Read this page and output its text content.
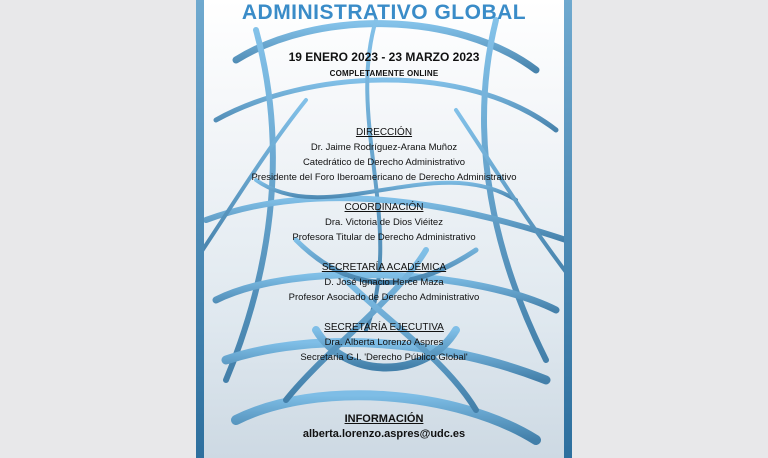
ADMINISTRATIVO GLOBAL
19 ENERO 2023 - 23 MARZO 2023
COMPLETAMENTE ONLINE
DIRECCIÓN
Dr. Jaime Rodríguez-Arana Muñoz
Catedrático de Derecho Administrativo
Presidente del Foro Iberoamericano de Derecho Administrativo
COORDINACIÓN
Dra. Victoria de Dios Viéitez
Profesora Titular de Derecho Administrativo
SECRETARÍA ACADÉMICA
D. José Ignacio Herce Maza
Profesor Asociado de Derecho Administrativo
SECRETARÍA EJECUTIVA
Dra. Alberta Lorenzo Aspres
Secretaria G.I. 'Derecho Público Global'
INFORMACIÓN
alberta.lorenzo.aspres@udc.es
